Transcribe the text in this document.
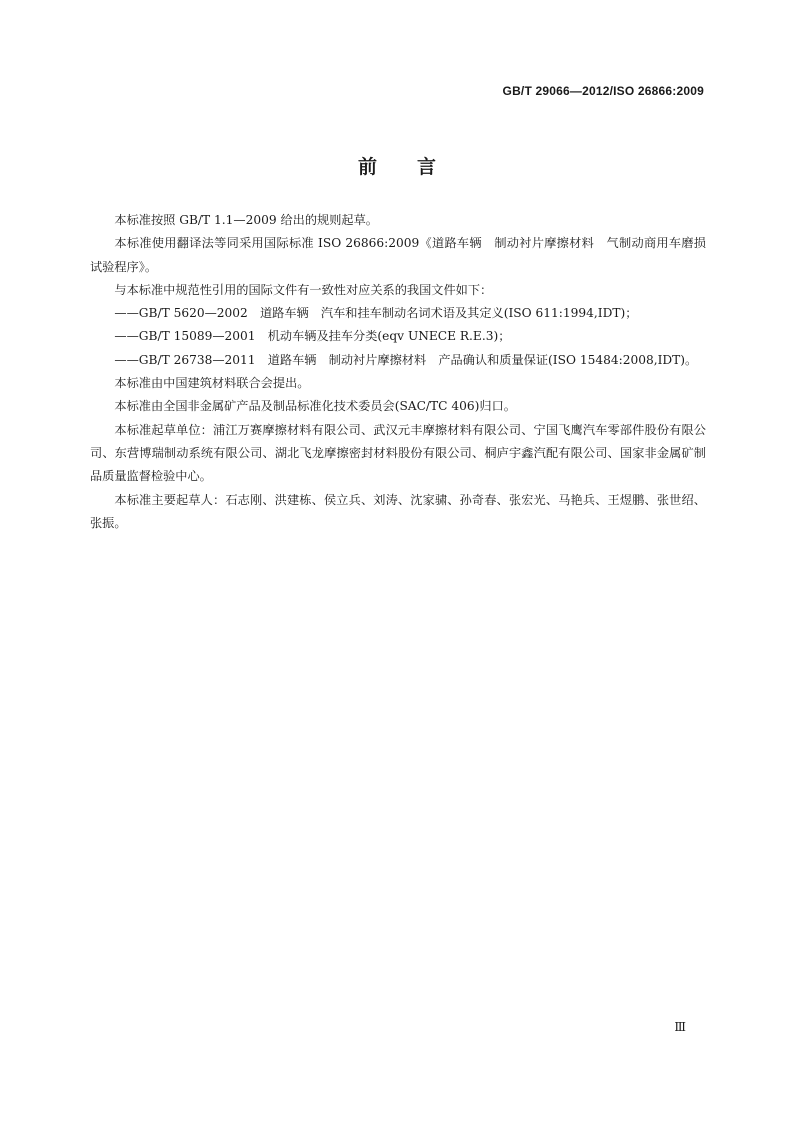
GB/T 29066—2012/ISO 26866:2009
前言

本标准按照 GB/T 1.1—2009 给出的规则起草。

本标准使用翻译法等同采用国际标准 ISO 26866:2009《道路车辆　制动衬片摩擦材料　气制动商用车磨损试验程序》。

与本标准中规范性引用的国际文件有一致性对应关系的我国文件如下：

——GB/T 5620—2002　道路车辆　汽车和挂车制动名词术语及其定义(ISO 611:1994,IDT)；

——GB/T 15089—2001　机动车辆及挂车分类(eqv UNECE R.E.3)；

——GB/T 26738—2011　道路车辆　制动衬片摩擦材料　产品确认和质量保证(ISO 15484:2008,IDT)。

本标准由中国建筑材料联合会提出。

本标准由全国非金属矿产品及制品标准化技术委员会(SAC/TC 406)归口。

本标准起草单位：浦江万赛摩擦材料有限公司、武汉元丰摩擦材料有限公司、宁国飞鹰汽车零部件股份有限公司、东营博瑞制动系统有限公司、湖北飞龙摩擦密封材料股份有限公司、桐庐宇鑫汽配有限公司、国家非金属矿制品质量监督检验中心。

本标准主要起草人：石志刚、洪建栋、侯立兵、刘涛、沈家骕、孙奇春、张宏光、马艳兵、王煜鹏、张世绍、张振。

Ⅲ
